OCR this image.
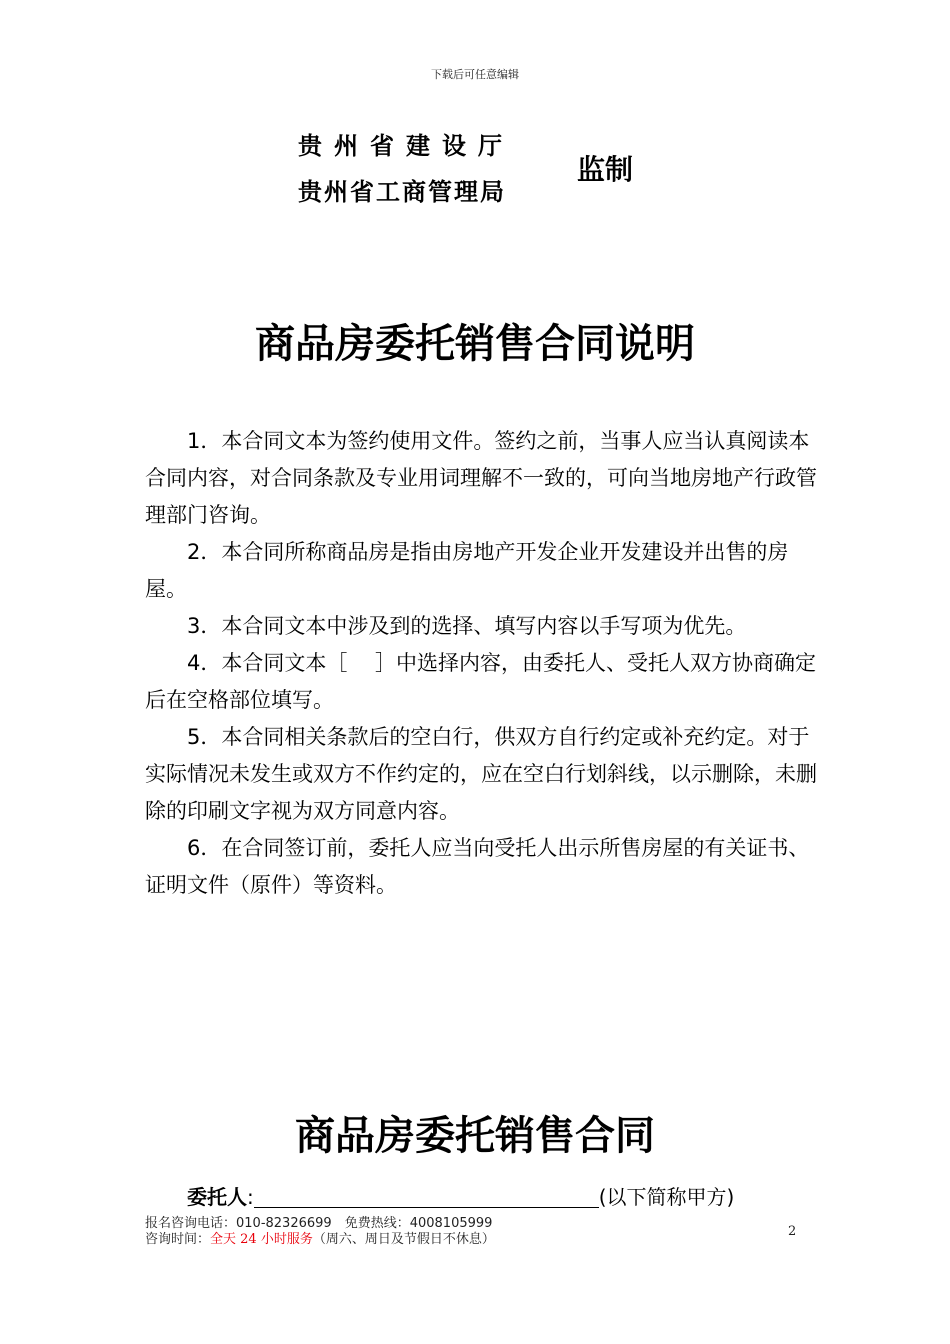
下载后可任意编辑
贵州省建设厅
贵州省工商管理局
监制
商品房委托销售合同说明

1．本合同文本为签约使用文件。签约之前，当事人应当认真阅读本合同内容，对合同条款及专业用词理解不一致的，可向当地房地产行政管理部门咨询。

2．本合同所称商品房是指由房地产开发企业开发建设并出售的房屋。

3．本合同文本中涉及到的选择、填写内容以手写项为优先。

4．本合同文本［　 ］中选择内容，由委托人、受托人双方协商确定后在空格部位填写。

5．本合同相关条款后的空白行，供双方自行约定或补充约定。对于实际情况未发生或双方不作约定的，应在空白行划斜线，以示删除，未删除的印刷文字视为双方同意内容。

6．在合同签订前，委托人应当向受托人出示所售房屋的有关证书、证明文件（原件）等资料。

商品房委托销售合同
委托人:	(以下简称甲方)
报名咨询电话：010-82326699　 免费热线：4008105999
咨询时间：全天 24 小时服务（周六、周日及节假日不休息）
2
